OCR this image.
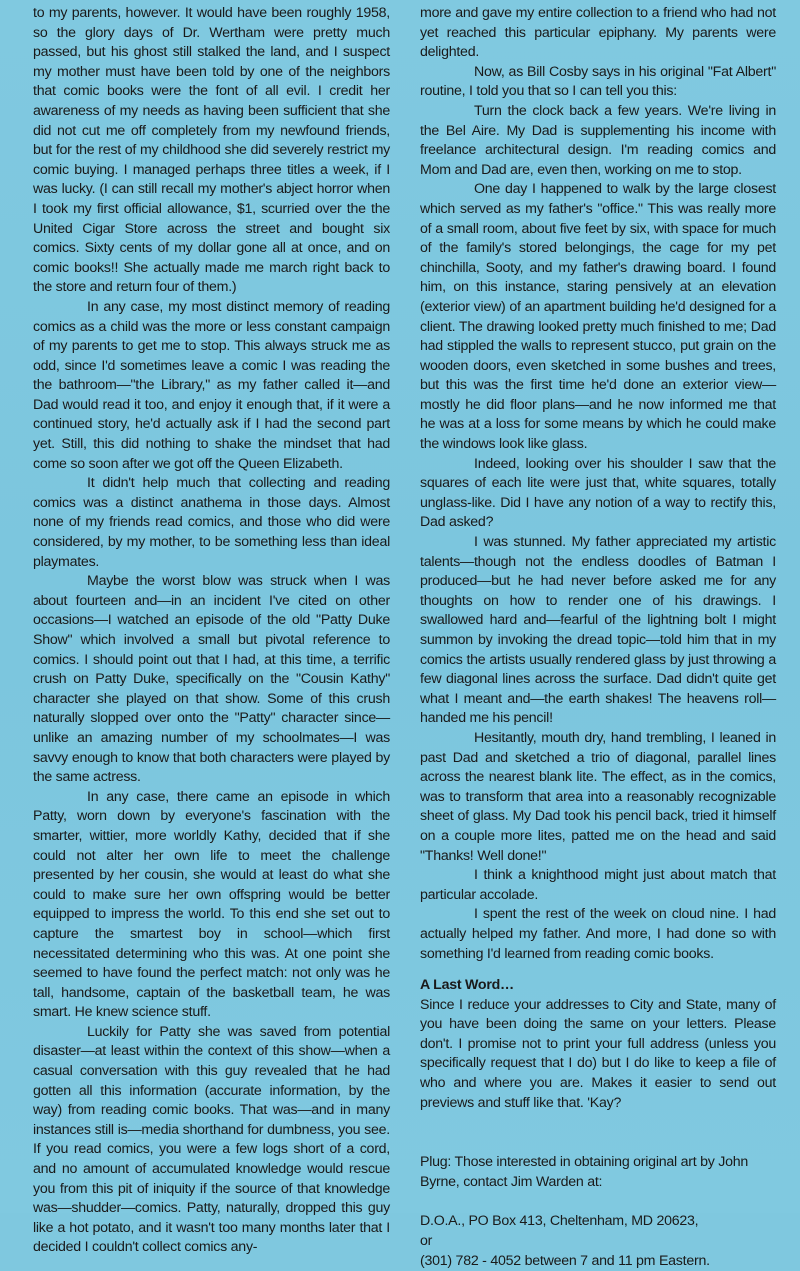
to my parents, however. It would have been roughly 1958, so the glory days of Dr. Wertham were pretty much passed, but his ghost still stalked the land, and I suspect my mother must have been told by one of the neighbors that comic books were the font of all evil. I credit her awareness of my needs as having been sufficient that she did not cut me off completely from my newfound friends, but for the rest of my childhood she did severely restrict my comic buying. I managed perhaps three titles a week, if I was lucky. (I can still recall my mother's abject horror when I took my first official allowance, $1, scurried over the the United Cigar Store across the street and bought six comics. Sixty cents of my dollar gone all at once, and on comic books!! She actually made me march right back to the store and return four of them.)

In any case, my most distinct memory of reading comics as a child was the more or less constant campaign of my parents to get me to stop. This always struck me as odd, since I'd sometimes leave a comic I was reading the the bathroom—"the Library," as my father called it—and Dad would read it too, and enjoy it enough that, if it were a continued story, he'd actually ask if I had the second part yet. Still, this did nothing to shake the mindset that had come so soon after we got off the Queen Elizabeth.

It didn't help much that collecting and reading comics was a distinct anathema in those days. Almost none of my friends read comics, and those who did were considered, by my mother, to be something less than ideal playmates.

Maybe the worst blow was struck when I was about fourteen and—in an incident I've cited on other occasions—I watched an episode of the old "Patty Duke Show" which involved a small but pivotal reference to comics. I should point out that I had, at this time, a terrific crush on Patty Duke, specifically on the "Cousin Kathy" character she played on that show. Some of this crush naturally slopped over onto the "Patty" character since—unlike an amazing number of my schoolmates—I was savvy enough to know that both characters were played by the same actress.

In any case, there came an episode in which Patty, worn down by everyone's fascination with the smarter, wittier, more worldly Kathy, decided that if she could not alter her own life to meet the challenge presented by her cousin, she would at least do what she could to make sure her own offspring would be better equipped to impress the world. To this end she set out to capture the smartest boy in school—which first necessitated determining who this was. At one point she seemed to have found the perfect match: not only was he tall, handsome, captain of the basketball team, he was smart. He knew science stuff.

Luckily for Patty she was saved from potential disaster—at least within the context of this show—when a casual conversation with this guy revealed that he had gotten all this information (accurate information, by the way) from reading comic books. That was—and in many instances still is—media shorthand for dumbness, you see. If you read comics, you were a few logs short of a cord, and no amount of accumulated knowledge would rescue you from this pit of iniquity if the source of that knowledge was—shudder—comics. Patty, naturally, dropped this guy like a hot potato, and it wasn't too many months later that I decided I couldn't collect comics any-

more and gave my entire collection to a friend who had not yet reached this particular epiphany. My parents were delighted.

Now, as Bill Cosby says in his original "Fat Albert" routine, I told you that so I can tell you this:

Turn the clock back a few years. We're living in the Bel Aire. My Dad is supplementing his income with freelance architectural design. I'm reading comics and Mom and Dad are, even then, working on me to stop.

One day I happened to walk by the large closest which served as my father's "office." This was really more of a small room, about five feet by six, with space for much of the family's stored belongings, the cage for my pet chinchilla, Sooty, and my father's drawing board. I found him, on this instance, staring pensively at an elevation (exterior view) of an apartment building he'd designed for a client. The drawing looked pretty much finished to me; Dad had stippled the walls to represent stucco, put grain on the wooden doors, even sketched in some bushes and trees, but this was the first time he'd done an exterior view—mostly he did floor plans—and he now informed me that he was at a loss for some means by which he could make the windows look like glass.

Indeed, looking over his shoulder I saw that the squares of each lite were just that, white squares, totally unglass-like. Did I have any notion of a way to rectify this, Dad asked?

I was stunned. My father appreciated my artistic talents—though not the endless doodles of Batman I produced—but he had never before asked me for any thoughts on how to render one of his drawings. I swallowed hard and—fearful of the lightning bolt I might summon by invoking the dread topic—told him that in my comics the artists usually rendered glass by just throwing a few diagonal lines across the surface. Dad didn't quite get what I meant and—the earth shakes! The heavens roll—handed me his pencil!

Hesitantly, mouth dry, hand trembling, I leaned in past Dad and sketched a trio of diagonal, parallel lines across the nearest blank lite. The effect, as in the comics, was to transform that area into a reasonably recognizable sheet of glass. My Dad took his pencil back, tried it himself on a couple more lites, patted me on the head and said "Thanks! Well done!"

I think a knighthood might just about match that particular accolade.

I spent the rest of the week on cloud nine. I had actually helped my father. And more, I had done so with something I'd learned from reading comic books.

A Last Word…

Since I reduce your addresses to City and State, many of you have been doing the same on your letters. Please don't. I promise not to print your full address (unless you specifically request that I do) but I do like to keep a file of who and where you are. Makes it easier to send out previews and stuff like that. 'Kay?

Plug: Those interested in obtaining original art by John Byrne, contact Jim Warden at:

D.O.A., PO Box 413, Cheltenham, MD 20623,

or

(301) 782 - 4052 between 7 and 11 pm Eastern.
